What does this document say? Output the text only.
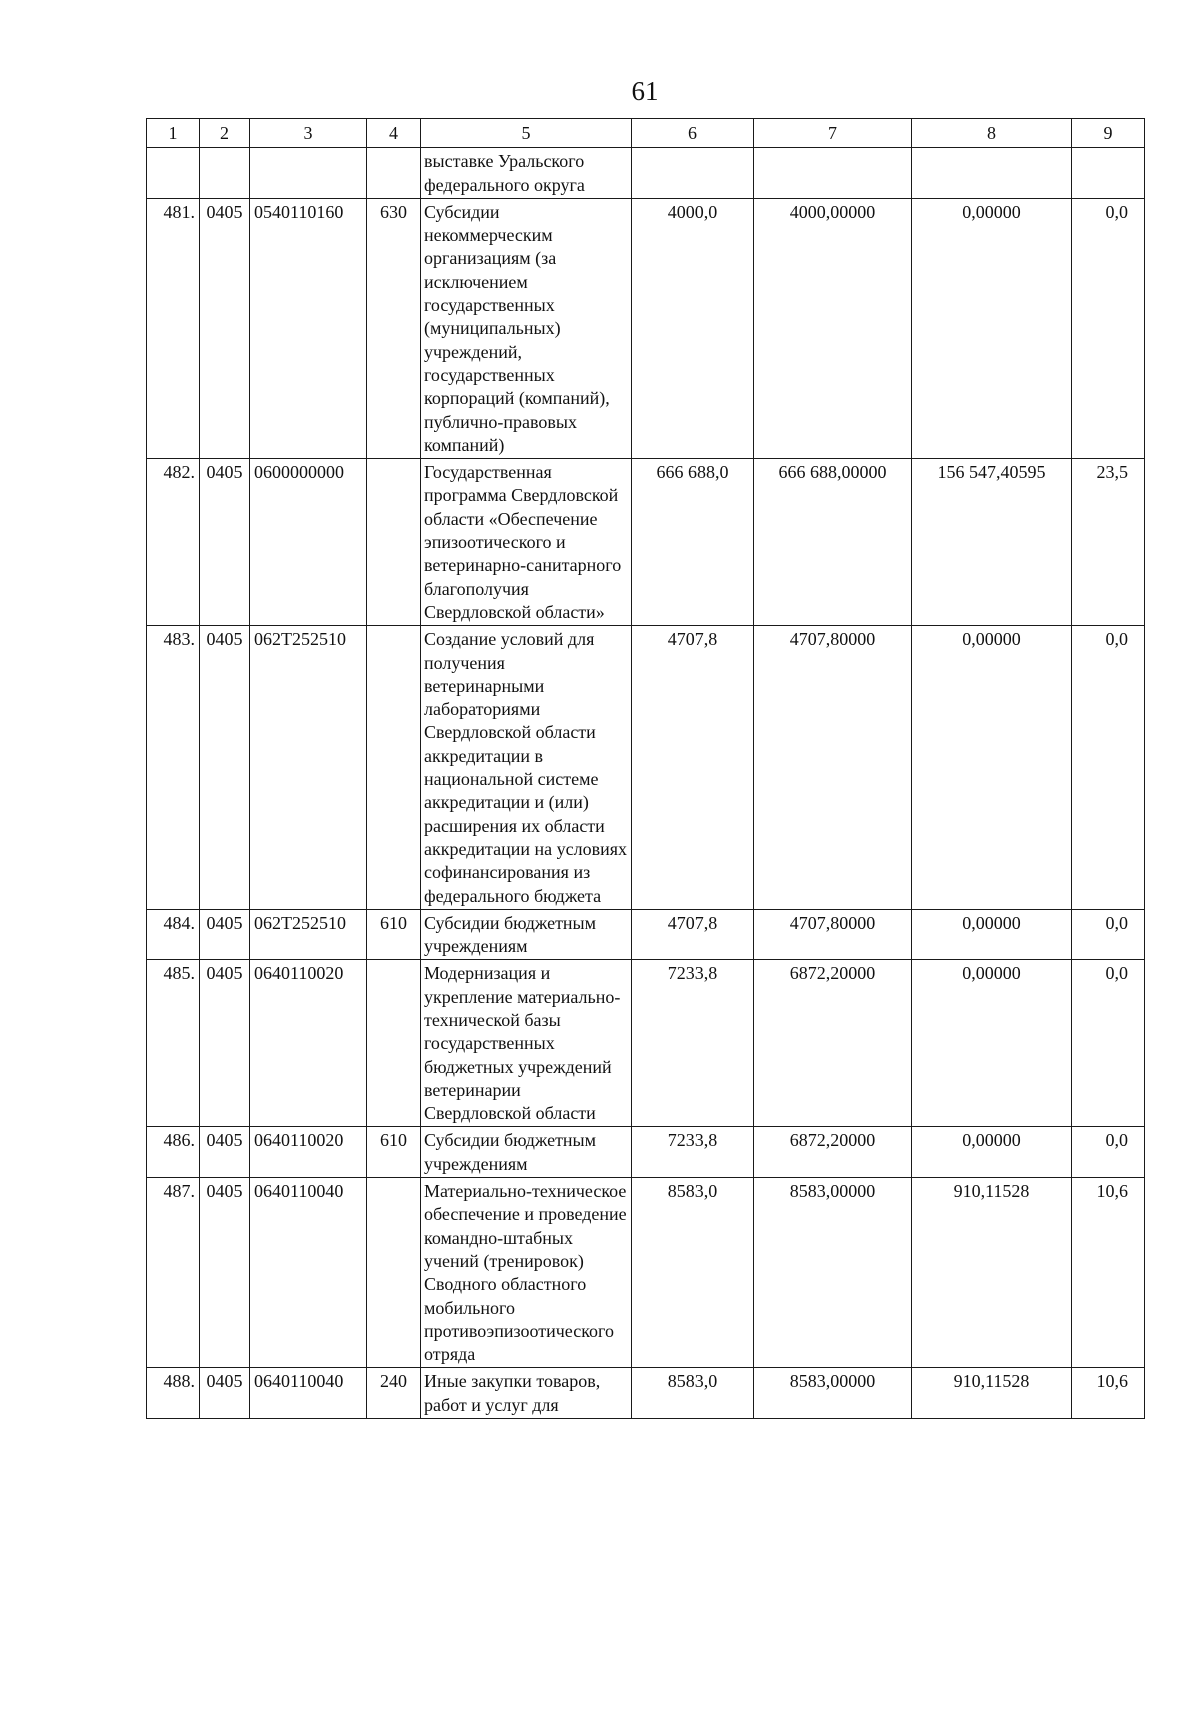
61
1	2	3	4	5	6	7	8	9
				выставке Уральского федерального округа				
481.	0405	0540110160	630	Субсидии некоммерческим организациям (за исключением государственных (муниципальных) учреждений, государственных корпораций (компаний), публично-правовых компаний)	4000,0	4000,00000	0,00000	0,0
482.	0405	0600000000		Государственная программа Свердловской области «Обеспечение эпизоотического и ветеринарно-санитарного благополучия Свердловской области»	666 688,0	666 688,00000	156 547,40595	23,5
483.	0405	062T252510		Создание условий для получения ветеринарными лабораториями Свердловской области аккредитации в национальной системе аккредитации и (или) расширения их области аккредитации на условиях софинансирования из федерального бюджета	4707,8	4707,80000	0,00000	0,0
484.	0405	062T252510	610	Субсидии бюджетным учреждениям	4707,8	4707,80000	0,00000	0,0
485.	0405	0640110020		Модернизация и укрепление материально-технической базы государственных бюджетных учреждений ветеринарии Свердловской области	7233,8	6872,20000	0,00000	0,0
486.	0405	0640110020	610	Субсидии бюджетным учреждениям	7233,8	6872,20000	0,00000	0,0
487.	0405	0640110040		Материально-техническое обеспечение и проведение командно-штабных учений (тренировок) Сводного областного мобильного противоэпизоотического отряда	8583,0	8583,00000	910,11528	10,6
488.	0405	0640110040	240	Иные закупки товаров, работ и услуг для	8583,0	8583,00000	910,11528	10,6
